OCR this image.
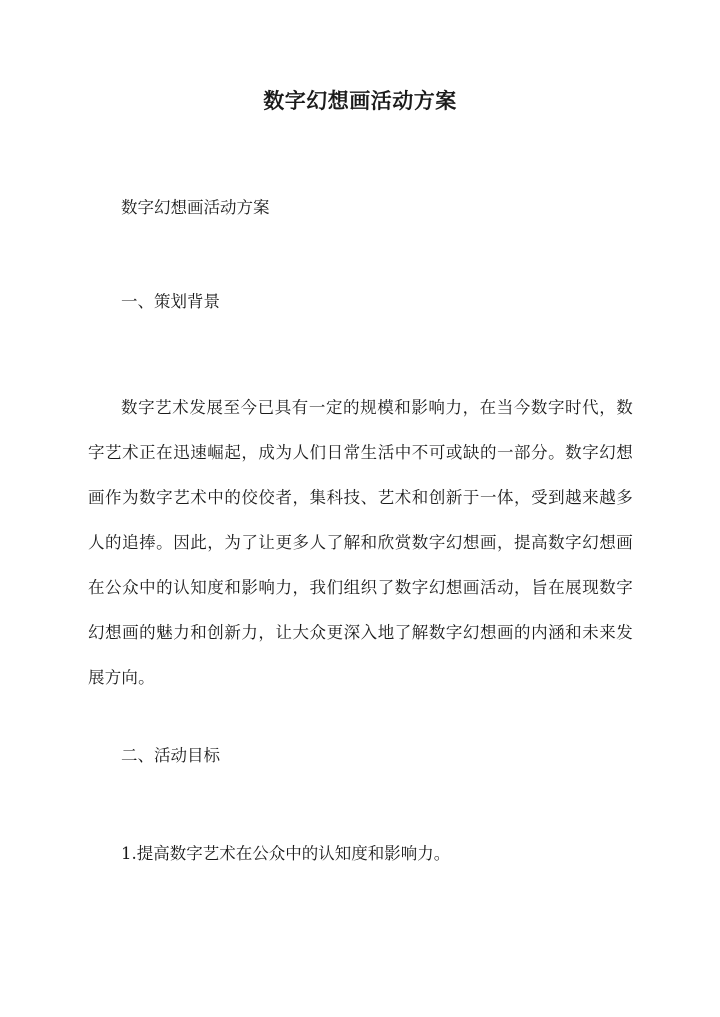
数字幻想画活动方案

数字幻想画活动方案

一、策划背景

数字艺术发展至今已具有一定的规模和影响力，在当今数字时代，数字艺术正在迅速崛起，成为人们日常生活中不可或缺的一部分。数字幻想画作为数字艺术中的佼佼者，集科技、艺术和创新于一体，受到越来越多人的追捧。因此，为了让更多人了解和欣赏数字幻想画，提高数字幻想画在公众中的认知度和影响力，我们组织了数字幻想画活动，旨在展现数字幻想画的魅力和创新力，让大众更深入地了解数字幻想画的内涵和未来发展方向。

二、活动目标

1.提高数字艺术在公众中的认知度和影响力。
